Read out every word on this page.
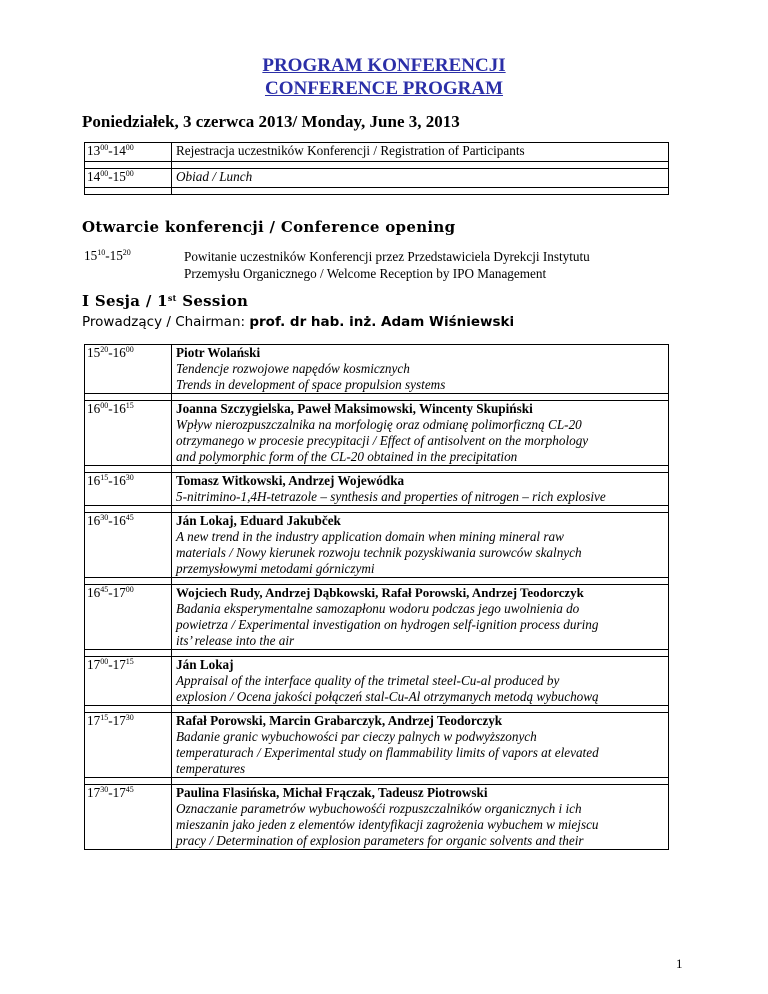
PROGRAM KONFERENCJI
CONFERENCE PROGRAM
Poniedziałek, 3 czerwca 2013/ Monday, June 3, 2013
$13^{00}-14^{00}$	Rejestracja uczestników Konferencji / Registration of Participants

$14^{00}-15^{00}$	Obiad / Lunch

Otwarcie konferencji / Conference opening
$15^{10}-15^{20}$	Powitanie uczestników Konferencji przez Przedstawiciela Dyrekcji Instytutu
Przemysłu Organicznego / Welcome Reception by IPO Management
I Sesja / 1st Session
Prowadzący / Chairman: prof. dr hab. inż. Adam Wiśniewski
$15^{20}-16^{00}$	Piotr Wolański
Tendencje rozwojowe napędów kosmicznych
Trends in development of space propulsion systems

$16^{00}-16^{15}$	Joanna Szczygielska, Paweł Maksimowski, Wincenty Skupiński
Wpływ nierozpuszczalnika na morfologię oraz odmianę polimorficzną CL-20
otrzymanego w procesie precypitacji / Effect of antisolvent on the morphology
and polymorphic form of the CL-20 obtained in the precipitation

$16^{15}-16^{30}$	Tomasz Witkowski, Andrzej Wojewódka
5-nitrimino-1,4H-tetrazole – synthesis and properties of nitrogen – rich explosive

$16^{30}-16^{45}$	Ján Lokaj, Eduard Jakubček
A new trend in the industry application domain when mining mineral raw
materials / Nowy kierunek rozwoju technik pozyskiwania surowców skalnych
przemysłowymi metodami górniczymi

$16^{45}-17^{00}$	Wojciech Rudy, Andrzej Dąbkowski, Rafał Porowski, Andrzej Teodorczyk
Badania eksperymentalne samozapłonu wodoru podczas jego uwolnienia do
powietrza / Experimental investigation on hydrogen self-ignition process during
its’ release into the air

$17^{00}-17^{15}$	Ján Lokaj
Appraisal of the interface quality of the trimetal steel-Cu-al produced by
explosion / Ocena jakości połączeń stal-Cu-Al otrzymanych metodą wybuchową

$17^{15}-17^{30}$	Rafał Porowski, Marcin Grabarczyk, Andrzej Teodorczyk
Badanie granic wybuchowości par cieczy palnych w podwyższonych
temperaturach / Experimental study on flammability limits of vapors at elevated
temperatures

$17^{30}-17^{45}$	Paulina Flasińska, Michał Frączak, Tadeusz Piotrowski
Oznaczanie parametrów wybuchowośći rozpuszczalników organicznych i ich
mieszanin jako jeden z elementów identyfikacji zagrożenia wybuchem w miejscu
pracy / Determination of explosion parameters for organic solvents and their
1
